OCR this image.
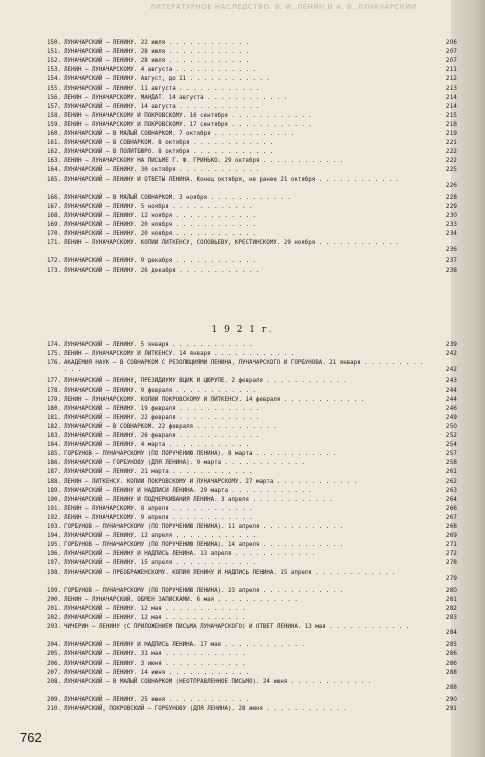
ЛИТЕРАТУРНОЕ НАСЛЕДСТВО. В. И. ЛЕНИН И А. В. ЛУНАЧАРСКИЙ
150. ЛУНАЧАРСКИЙ — ЛЕНИНУ. 22 июля . . . . . . . . . . . .	206
151. ЛУНАЧАРСКИЙ — ЛЕНИНУ. 28 июля . . . . . . . . . . . .	207
152. ЛУНАЧАРСКИЙ — ЛЕНИНУ. 28 июля . . . . . . . . . . . .	207
153. ЛЕНИН — ЛУНАЧАРСКОМУ. 4 августа . . . . . . . . . . . .	211
154. ЛУНАЧАРСКИЙ — ЛЕНИНУ. Август, до 11 . . . . . . . . . . . .	212
155. ЛУНАЧАРСКИЙ — ЛЕНИНУ. 11 августа . . . . . . . . . . . .	213
156. ЛЕНИН — ЛУНАЧАРСКОМУ. МАНДАТ. 14 августа . . . . . . . . . . . .	214
157. ЛУНАЧАРСКИЙ — ЛЕНИНУ. 14 августа . . . . . . . . . . . .	214
158. ЛЕНИН — ЛУНАЧАРСКОМУ И ПОКРОВСКОМУ. 16 сентября . . . . . . . . . . . .	215
159. ЛЕНИН — ЛУНАЧАРСКОМУ И ПОКРОВСКОМУ. 17 сентября . . . . . . . . . . . .	218
160. ЛУНАЧАРСКИЙ — В МАЛЫЙ СОВНАРКОМ. 7 октября . . . . . . . . . . . .	219
161. ЛУНАЧАРСКИЙ — В СОВНАРКОМ. 8 октября . . . . . . . . . . . .	221
162. ЛУНАЧАРСКИЙ — В ПОЛИТБЮРО. 8 октября . . . . . . . . . . . .	222
163. ЛЕНИН — ЛУНАЧАРСКОМУ НА ПИСЬМЕ Г. Ф. ГРИНЬКО. 29 октября . . . . . . . . . . . .	222
164. ЛУНАЧАРСКИЙ — ЛЕНИНУ. 30 октября . . . . . . . . . . . .	225
165. ЛУНАЧАРСКИЙ — ЛЕНИНУ И ОТВЕТЫ ЛЕНИНА. Конец октября, не ранее 21 октября . . . . . . . . . . . .
226
166. ЛУНАЧАРСКИЙ — В МАЛЫЙ СОВНАРКОМ. 3 ноября . . . . . . . . . . . .	228
167. ЛУНАЧАРСКИЙ — ЛЕНИНУ. 5 ноября . . . . . . . . . . . .	229
168. ЛУНАЧАРСКИЙ — ЛЕНИНУ. 12 ноября . . . . . . . . . . . .	230
169. ЛУНАЧАРСКИЙ — ЛЕНИНУ. 20 ноября . . . . . . . . . . . .	233
170. ЛУНАЧАРСКИЙ — ЛЕНИНУ. 20 ноября . . . . . . . . . . . .	234
171. ЛЕНИН — ЛУНАЧАРСКОМУ. КОПИИ ЛИТКЕНСУ, СОЛОВЬЕВУ, КРЕСТИНСКОМУ. 29 ноября . . . . . . . . . . . .
236
172. ЛУНАЧАРСКИЙ — ЛЕНИНУ. 9 декабря . . . . . . . . . . . .	237
173. ЛУНАЧАРСКИЙ — ЛЕНИНУ. 26 декабря . . . . . . . . . . . .	238
1 9 2 1 г.
174. ЛУНАЧАРСКИЙ — ЛЕНИНУ. 5 января . . . . . . . . . . . .	239
175. ЛЕНИН — ЛУНАЧАРСКОМУ И ЛИТКЕНСУ. 14 января . . . . . . . . . . . .	242
176. АКАДЕМИЯ НАУК — В СОВНАРКОМ С РЕЗОЛЮЦИЯМИ ЛЕНИНА, ЛУНАЧАРСКОГО И ГОРБУНОВА. 21 января . . . . . . . . . . . .	242
177. ЛУНАЧАРСКИЙ — ЛЕНИНУ, ПРЕЗИДИУМУ ВЦИК И ЦЮРУПЕ. 2 февраля . . . . . . . . . . . .	243
178. ЛУНАЧАРСКИЙ — ЛЕНИНУ. 9 февраля . . . . . . . . . . . .	244
179. ЛЕНИН — ЛУНАЧАРСКОМУ. КОПИИ ПОКРОВСКОМУ И ЛИТКЕНСУ. 14 февраля . . . . . . . . . . . .	244
180. ЛУНАЧАРСКИЙ — ЛЕНИНУ. 19 февраля . . . . . . . . . . . .	246
181. ЛУНАЧАРСКИЙ — ЛЕНИНУ. 22 февраля . . . . . . . . . . . .	249
182. ЛУНАЧАРСКИЙ — В СОВНАРКОМ. 22 февраля . . . . . . . . . . . .	250
183. ЛУНАЧАРСКИЙ — ЛЕНИНУ. 26 февраля . . . . . . . . . . . .	252
184. ЛУНАЧАРСКИЙ — ЛЕНИНУ. 4 марта . . . . . . . . . . . .	254
185. ГОРБУНОВ — ЛУНАЧАРСКОМУ (ПО ПОРУЧЕНИЮ ЛЕНИНА). 8 марта . . . . . . . . . . . .	257
186. ЛУНАЧАРСКИЙ — ГОРБУНОВУ (ДЛЯ ЛЕНИНА). 9 марта . . . . . . . . . . . .	258
187. ЛУНАЧАРСКИЙ — ЛЕНИНУ. 21 марта . . . . . . . . . . . .	261
188. ЛЕНИН — ЛИТКЕНСУ. КОПИИ ПОКРОВСКОМУ И ЛУНАЧАРСКОМУ. 27 марта . . . . . . . . . . . .	262
189. ЛУНАЧАРСКИЙ — ЛЕНИНУ И НАДПИСИ ЛЕНИНА. 29 марта . . . . . . . . . . . .	263
190. ЛУНАЧАРСКИЙ — ЛЕНИНУ И ПОДЧЕРКИВАНИЯ ЛЕНИНА. 3 апреля . . . . . . . . . . . .	264
191. ЛЕНИН — ЛУНАЧАРСКОМУ. 8 апреля . . . . . . . . . . . .	266
192. ЛЕНИН — ЛУНАЧАРСКОМУ. 9 апреля . . . . . . . . . . . .	267
193. ГОРБУНОВ — ЛУНАЧАРСКОМУ (ПО ПОРУЧЕНИЮ ЛЕНИНА). 11 апреля . . . . . . . . . . . .	268
194. ЛУНАЧАРСКИЙ — ЛЕНИНУ. 12 апреля . . . . . . . . . . . .	269
195. ГОРБУНОВ — ЛУНАЧАРСКОМУ (ПО ПОРУЧЕНИЮ ЛЕНИНА). 14 апреля . . . . . . . . . . . .	271
196. ЛУНАЧАРСКИЙ — ЛЕНИНУ И НАДПИСЬ ЛЕНИНА. 13 апреля . . . . . . . . . . . .	272
197. ЛУНАЧАРСКИЙ — ЛЕНИНУ. 15 апреля . . . . . . . . . . . .	278
198. ЛУНАЧАРСКИЙ — ПРЕОБРАЖЕНСКОМУ. КОПИЯ ЛЕНИНУ И НАДПИСЬ ЛЕНИНА. 15 апреля . . . . . . . . . . . .
279
199. ГОРБУНОВ — ЛУНАЧАРСКОМУ (ПО ПОРУЧЕНИЮ ЛЕНИНА). 23 апреля . . . . . . . . . . . .	280
200. ЛЕНИН — ЛУНАЧАРСКИЙ. ОБМЕН ЗАПИСКАМИ. 6 мая . . . . . . . . . . . .	281
201. ЛУНАЧАРСКИЙ — ЛЕНИНУ. 12 мая . . . . . . . . . . . .	282
202. ЛУНАЧАРСКИЙ — ЛЕНИНУ. 12 мая . . . . . . . . . . . .	283
203. ЧИЧЕРИН — ЛЕНИНУ (С ПРИЛОЖЕНИЕМ ПИСЬМА ЛУНАЧАРСКОГО) И ОТВЕТ ЛЕНИНА. 13 мая . . . . . . . . . . . .
284
204. ЛУНАЧАРСКИЙ — ЛЕНИНУ И НАДПИСЬ ЛЕНИНА. 17 мая . . . . . . . . . . . .	285
205. ЛУНАЧАРСКИЙ — ЛЕНИНУ. 31 мая . . . . . . . . . . . .	286
206. ЛУНАЧАРСКИЙ — ЛЕНИНУ. 3 июня . . . . . . . . . . . .	286
207. ЛУНАЧАРСКИЙ — ЛЕНИНУ. 14 июня . . . . . . . . . . . .	288
208. ЛУНАЧАРСКИЙ — В МАЛЫЙ СОВНАРКОМ (НЕОТПРАВЛЕННОЕ ПИСЬМО). 24 июня . . . . . . . . . . . .
288
209. ЛУНАЧАРСКИЙ — ЛЕНИНУ. 25 июня . . . . . . . . . . . .	290
210. ЛУНАЧАРСКИЙ, ПОКРОВСКИЙ — ГОРБУНОВУ (ДЛЯ ЛЕНИНА). 28 июня . . . . . . . . . . . .	291
762
